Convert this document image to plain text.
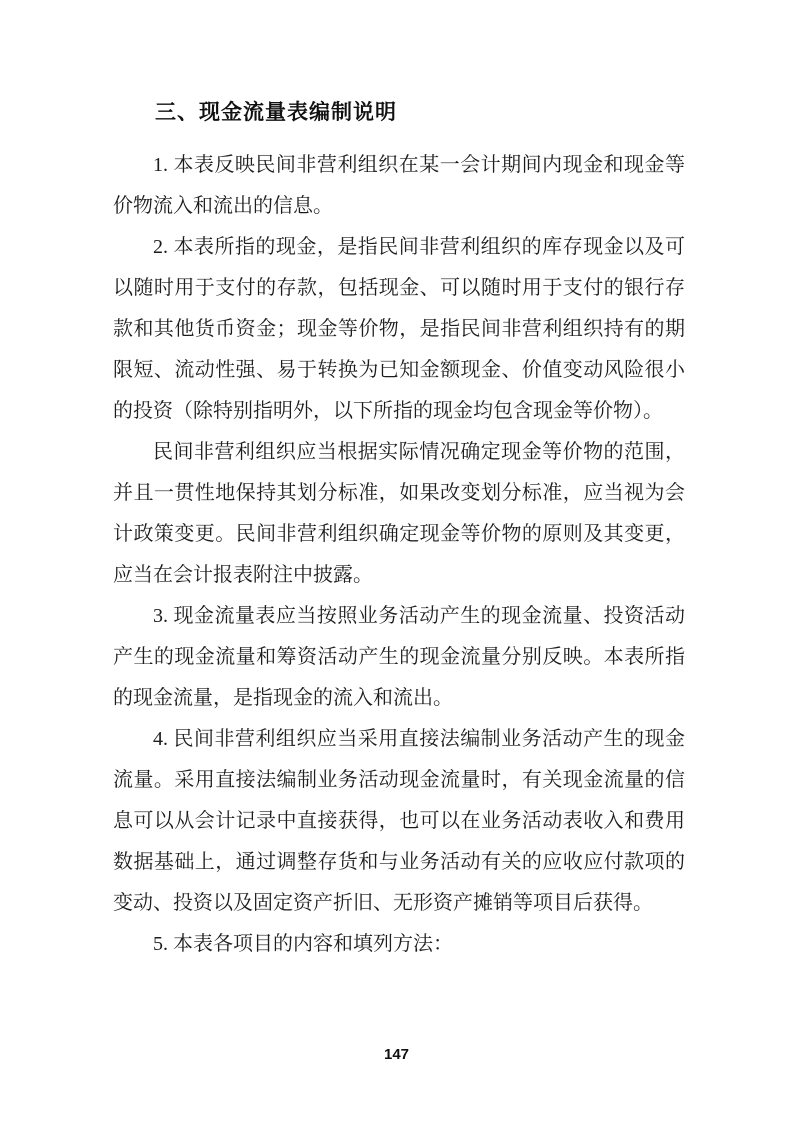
三、现金流量表编制说明

1. 本表反映民间非营利组织在某一会计期间内现金和现金等价物流入和流出的信息。

2. 本表所指的现金，是指民间非营利组织的库存现金以及可以随时用于支付的存款，包括现金、可以随时用于支付的银行存款和其他货币资金；现金等价物，是指民间非营利组织持有的期限短、流动性强、易于转换为已知金额现金、价值变动风险很小的投资（除特别指明外，以下所指的现金均包含现金等价物）。

民间非营利组织应当根据实际情况确定现金等价物的范围，并且一贯性地保持其划分标准，如果改变划分标准，应当视为会计政策变更。民间非营利组织确定现金等价物的原则及其变更，应当在会计报表附注中披露。

3. 现金流量表应当按照业务活动产生的现金流量、投资活动产生的现金流量和筹资活动产生的现金流量分别反映。本表所指的现金流量，是指现金的流入和流出。

4. 民间非营利组织应当采用直接法编制业务活动产生的现金流量。采用直接法编制业务活动现金流量时，有关现金流量的信息可以从会计记录中直接获得，也可以在业务活动表收入和费用数据基础上，通过调整存货和与业务活动有关的应收应付款项的变动、投资以及固定资产折旧、无形资产摊销等项目后获得。

5. 本表各项目的内容和填列方法：

147
